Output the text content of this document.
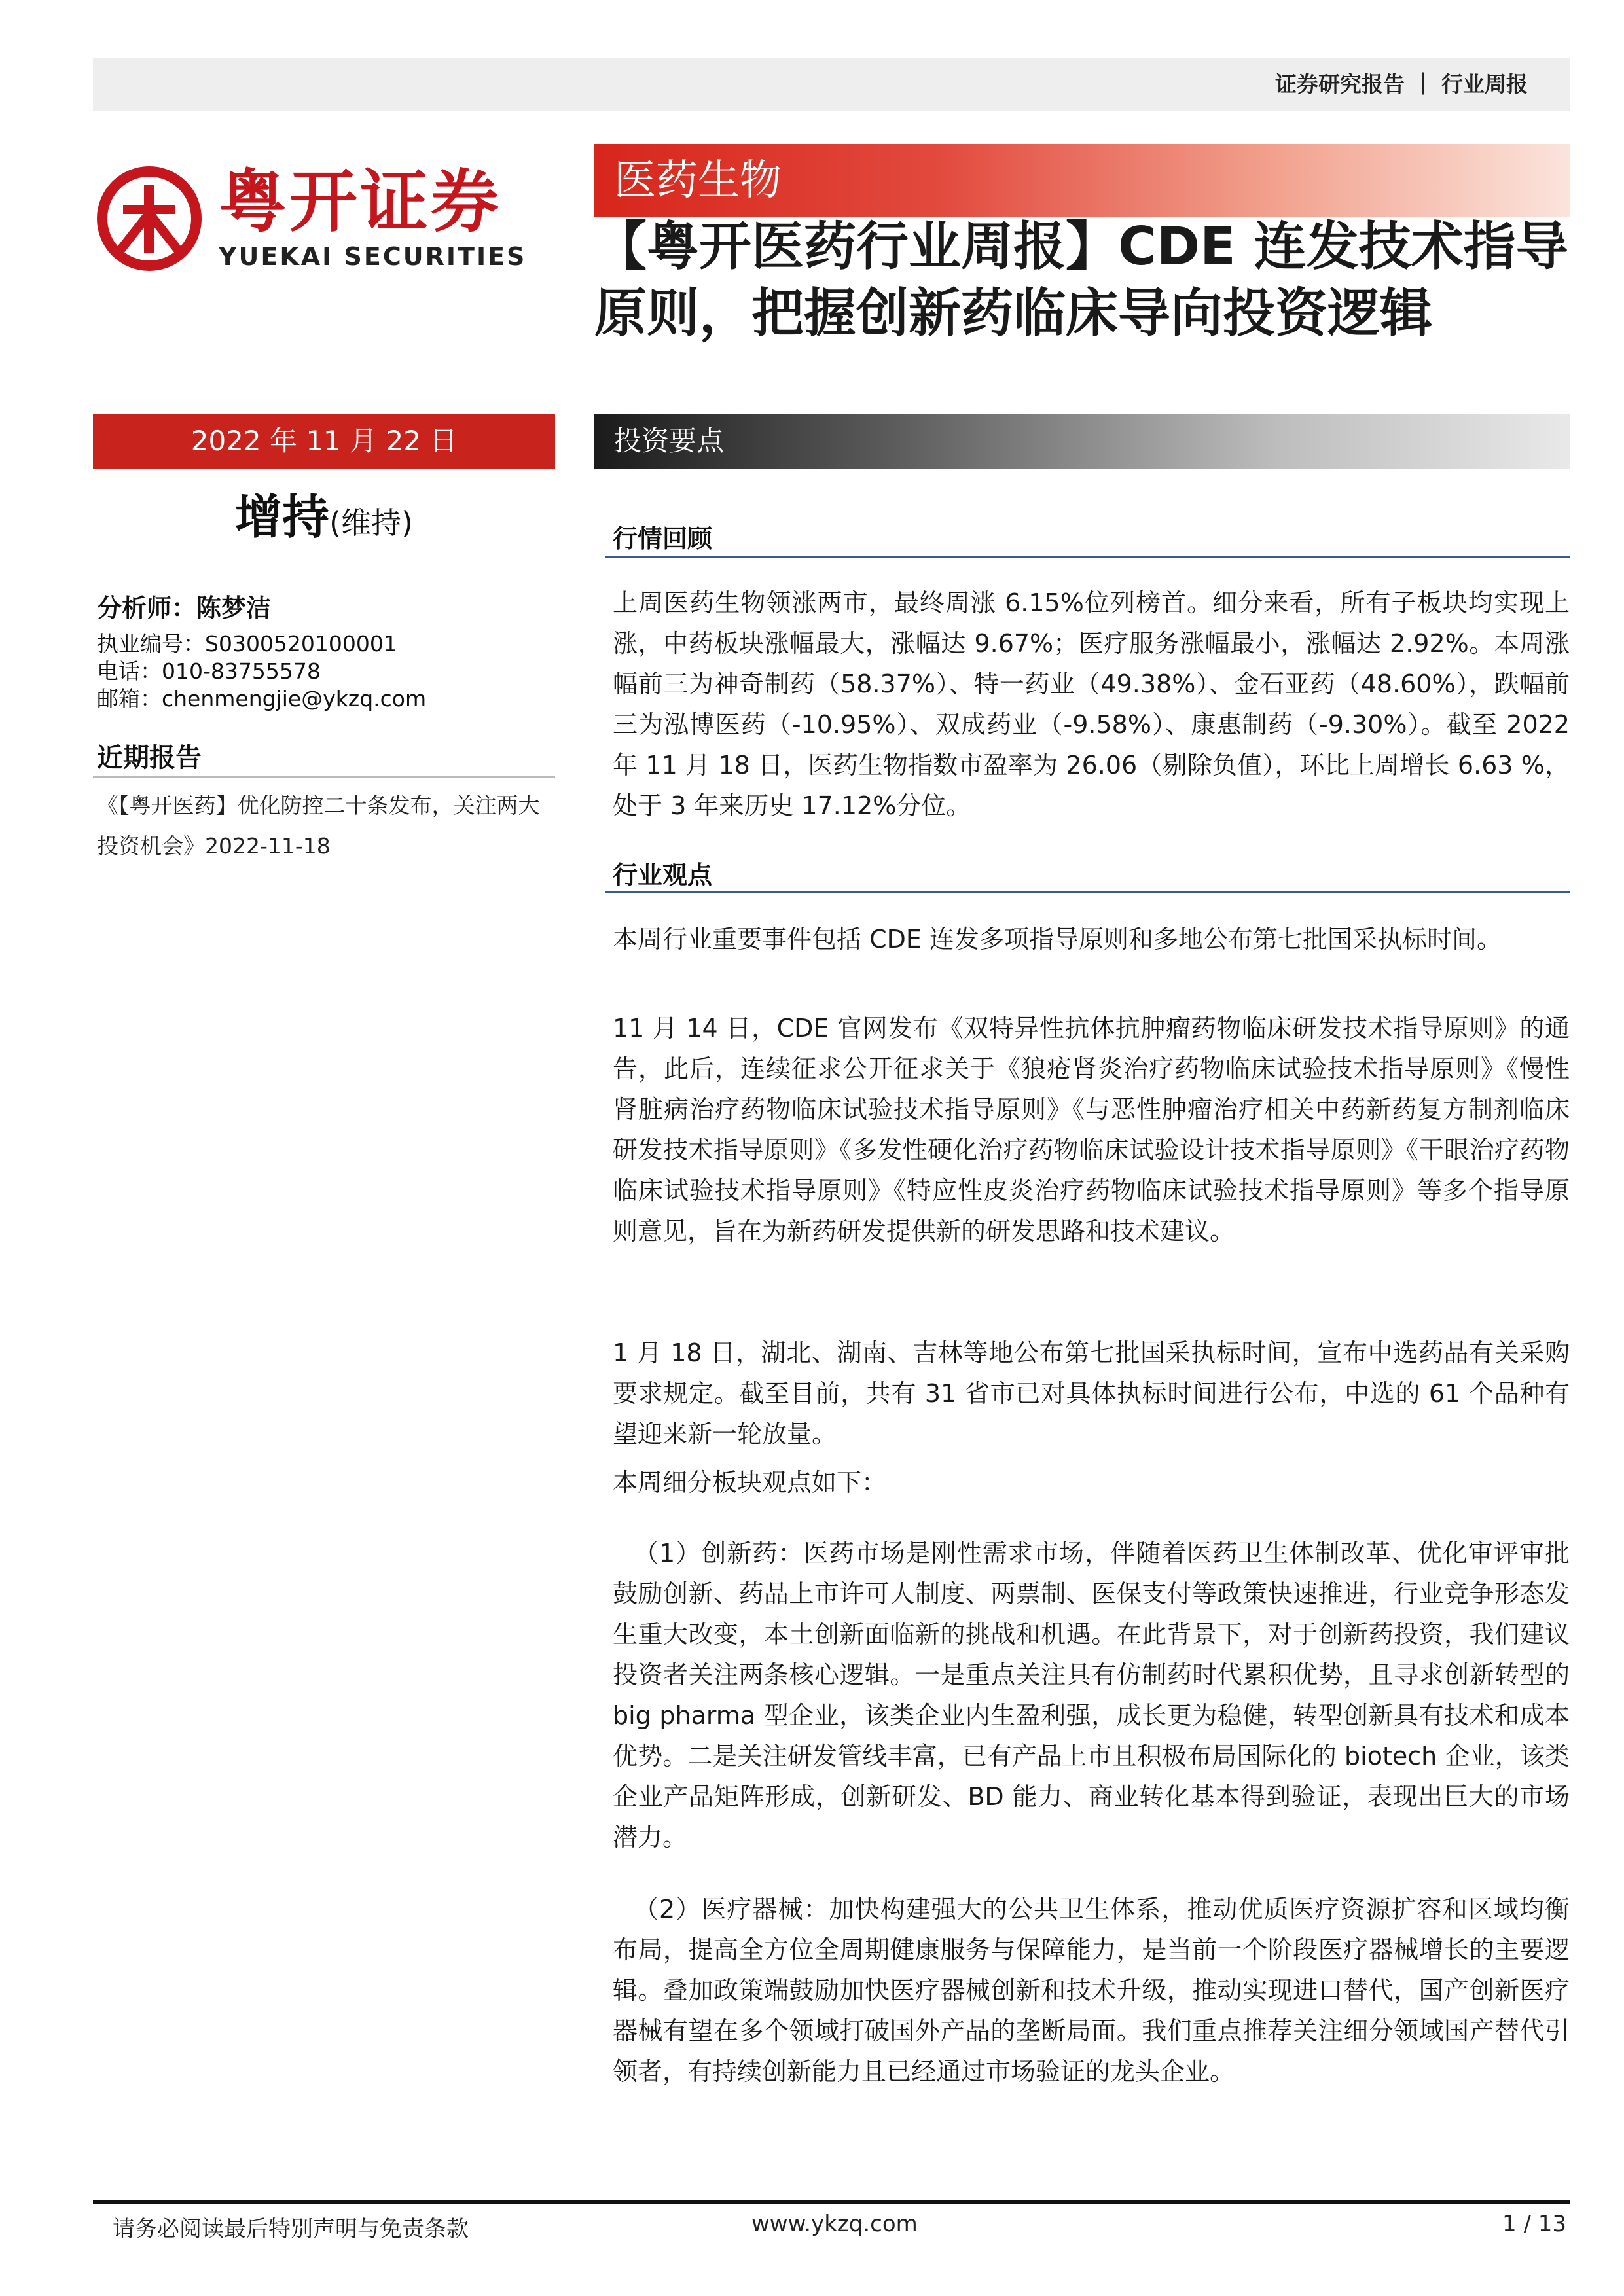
证券研究报告 ｜ 行业周报
粤开证券
YUEKAI SECURITIES
医药生物
【粤开医药行业周报】CDE 连发技术指导原则，把握创新药临床导向投资逻辑
2022 年 11 月 22 日
增持(维持)
分析师：陈梦洁
执业编号：S0300520100001
电话：010-83755578
邮箱：chenmengjie@ykzq.com
近期报告
《【粤开医药】优化防控二十条发布，关注两大投资机会》2022-11-18
投资要点
行情回顾

上周医药生物领涨两市，最终周涨 6.15%位列榜首。细分来看，所有子板块均实现上涨，中药板块涨幅最大，涨幅达 9.67%；医疗服务涨幅最小，涨幅达 2.92%。本周涨幅前三为神奇制药（58.37%）、特一药业（49.38%）、金石亚药（48.60%），跌幅前三为泓博医药（-10.95%）、双成药业（-9.58%）、康惠制药（-9.30%）。截至 2022 年 11 月 18 日，医药生物指数市盈率为 26.06（剔除负值），环比上周增长 6.63 %，处于 3 年来历史 17.12%分位。

行业观点

本周行业重要事件包括 CDE 连发多项指导原则和多地公布第七批国采执标时间。

11 月 14 日，CDE 官网发布《双特异性抗体抗肿瘤药物临床研发技术指导原则》的通告，此后，连续征求公开征求关于《狼疮肾炎治疗药物临床试验技术指导原则》《慢性肾脏病治疗药物临床试验技术指导原则》《与恶性肿瘤治疗相关中药新药复方制剂临床研发技术指导原则》《多发性硬化治疗药物临床试验设计技术指导原则》《干眼治疗药物临床试验技术指导原则》《特应性皮炎治疗药物临床试验技术指导原则》等多个指导原则意见，旨在为新药研发提供新的研发思路和技术建议。

1 月 18 日，湖北、湖南、吉林等地公布第七批国采执标时间，宣布中选药品有关采购要求规定。截至目前，共有 31 省市已对具体执标时间进行公布，中选的 61 个品种有望迎来新一轮放量。

本周细分板块观点如下：

（1）创新药：医药市场是刚性需求市场，伴随着医药卫生体制改革、优化审评审批鼓励创新、药品上市许可人制度、两票制、医保支付等政策快速推进，行业竞争形态发生重大改变，本土创新面临新的挑战和机遇。在此背景下，对于创新药投资，我们建议投资者关注两条核心逻辑。一是重点关注具有仿制药时代累积优势，且寻求创新转型的 big pharma 型企业，该类企业内生盈利强，成长更为稳健，转型创新具有技术和成本优势。二是关注研发管线丰富，已有产品上市且积极布局国际化的 biotech 企业，该类企业产品矩阵形成，创新研发、BD 能力、商业转化基本得到验证，表现出巨大的市场潜力。

（2）医疗器械：加快构建强大的公共卫生体系，推动优质医疗资源扩容和区域均衡布局，提高全方位全周期健康服务与保障能力，是当前一个阶段医疗器械增长的主要逻辑。叠加政策端鼓励加快医疗器械创新和技术升级，推动实现进口替代，国产创新医疗器械有望在多个领域打破国外产品的垄断局面。我们重点推荐关注细分领域国产替代引领者，有持续创新能力且已经通过市场验证的龙头企业。

请务必阅读最后特别声明与免责条款	www.ykzq.com	1 / 13
